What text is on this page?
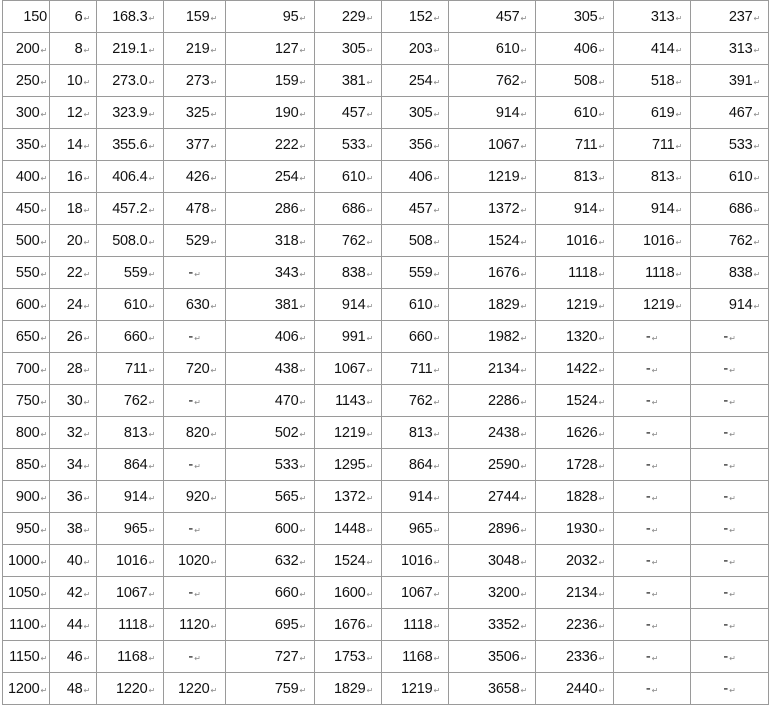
150	6↵	168.3↵	159↵	95↵	229↵	152↵	457↵	305↵	313↵	237↵
200↵	8↵	219.1↵	219↵	127↵	305↵	203↵	610↵	406↵	414↵	313↵
250↵	10↵	273.0↵	273↵	159↵	381↵	254↵	762↵	508↵	518↵	391↵
300↵	12↵	323.9↵	325↵	190↵	457↵	305↵	914↵	610↵	619↵	467↵
350↵	14↵	355.6↵	377↵	222↵	533↵	356↵	1067↵	711↵	711↵	533↵
400↵	16↵	406.4↵	426↵	254↵	610↵	406↵	1219↵	813↵	813↵	610↵
450↵	18↵	457.2↵	478↵	286↵	686↵	457↵	1372↵	914↵	914↵	686↵
500↵	20↵	508.0↵	529↵	318↵	762↵	508↵	1524↵	1016↵	1016↵	762↵
550↵	22↵	559↵	-↵	343↵	838↵	559↵	1676↵	1118↵	1118↵	838↵
600↵	24↵	610↵	630↵	381↵	914↵	610↵	1829↵	1219↵	1219↵	914↵
650↵	26↵	660↵	-↵	406↵	991↵	660↵	1982↵	1320↵	-↵	-↵
700↵	28↵	711↵	720↵	438↵	1067↵	711↵	2134↵	1422↵	-↵	-↵
750↵	30↵	762↵	-↵	470↵	1143↵	762↵	2286↵	1524↵	-↵	-↵
800↵	32↵	813↵	820↵	502↵	1219↵	813↵	2438↵	1626↵	-↵	-↵
850↵	34↵	864↵	-↵	533↵	1295↵	864↵	2590↵	1728↵	-↵	-↵
900↵	36↵	914↵	920↵	565↵	1372↵	914↵	2744↵	1828↵	-↵	-↵
950↵	38↵	965↵	-↵	600↵	1448↵	965↵	2896↵	1930↵	-↵	-↵
1000↵	40↵	1016↵	1020↵	632↵	1524↵	1016↵	3048↵	2032↵	-↵	-↵
1050↵	42↵	1067↵	-↵	660↵	1600↵	1067↵	3200↵	2134↵	-↵	-↵
1100↵	44↵	1118↵	1120↵	695↵	1676↵	1118↵	3352↵	2236↵	-↵	-↵
1150↵	46↵	1168↵	-↵	727↵	1753↵	1168↵	3506↵	2336↵	-↵	-↵
1200↵	48↵	1220↵	1220↵	759↵	1829↵	1219↵	3658↵	2440↵	-↵	-↵
